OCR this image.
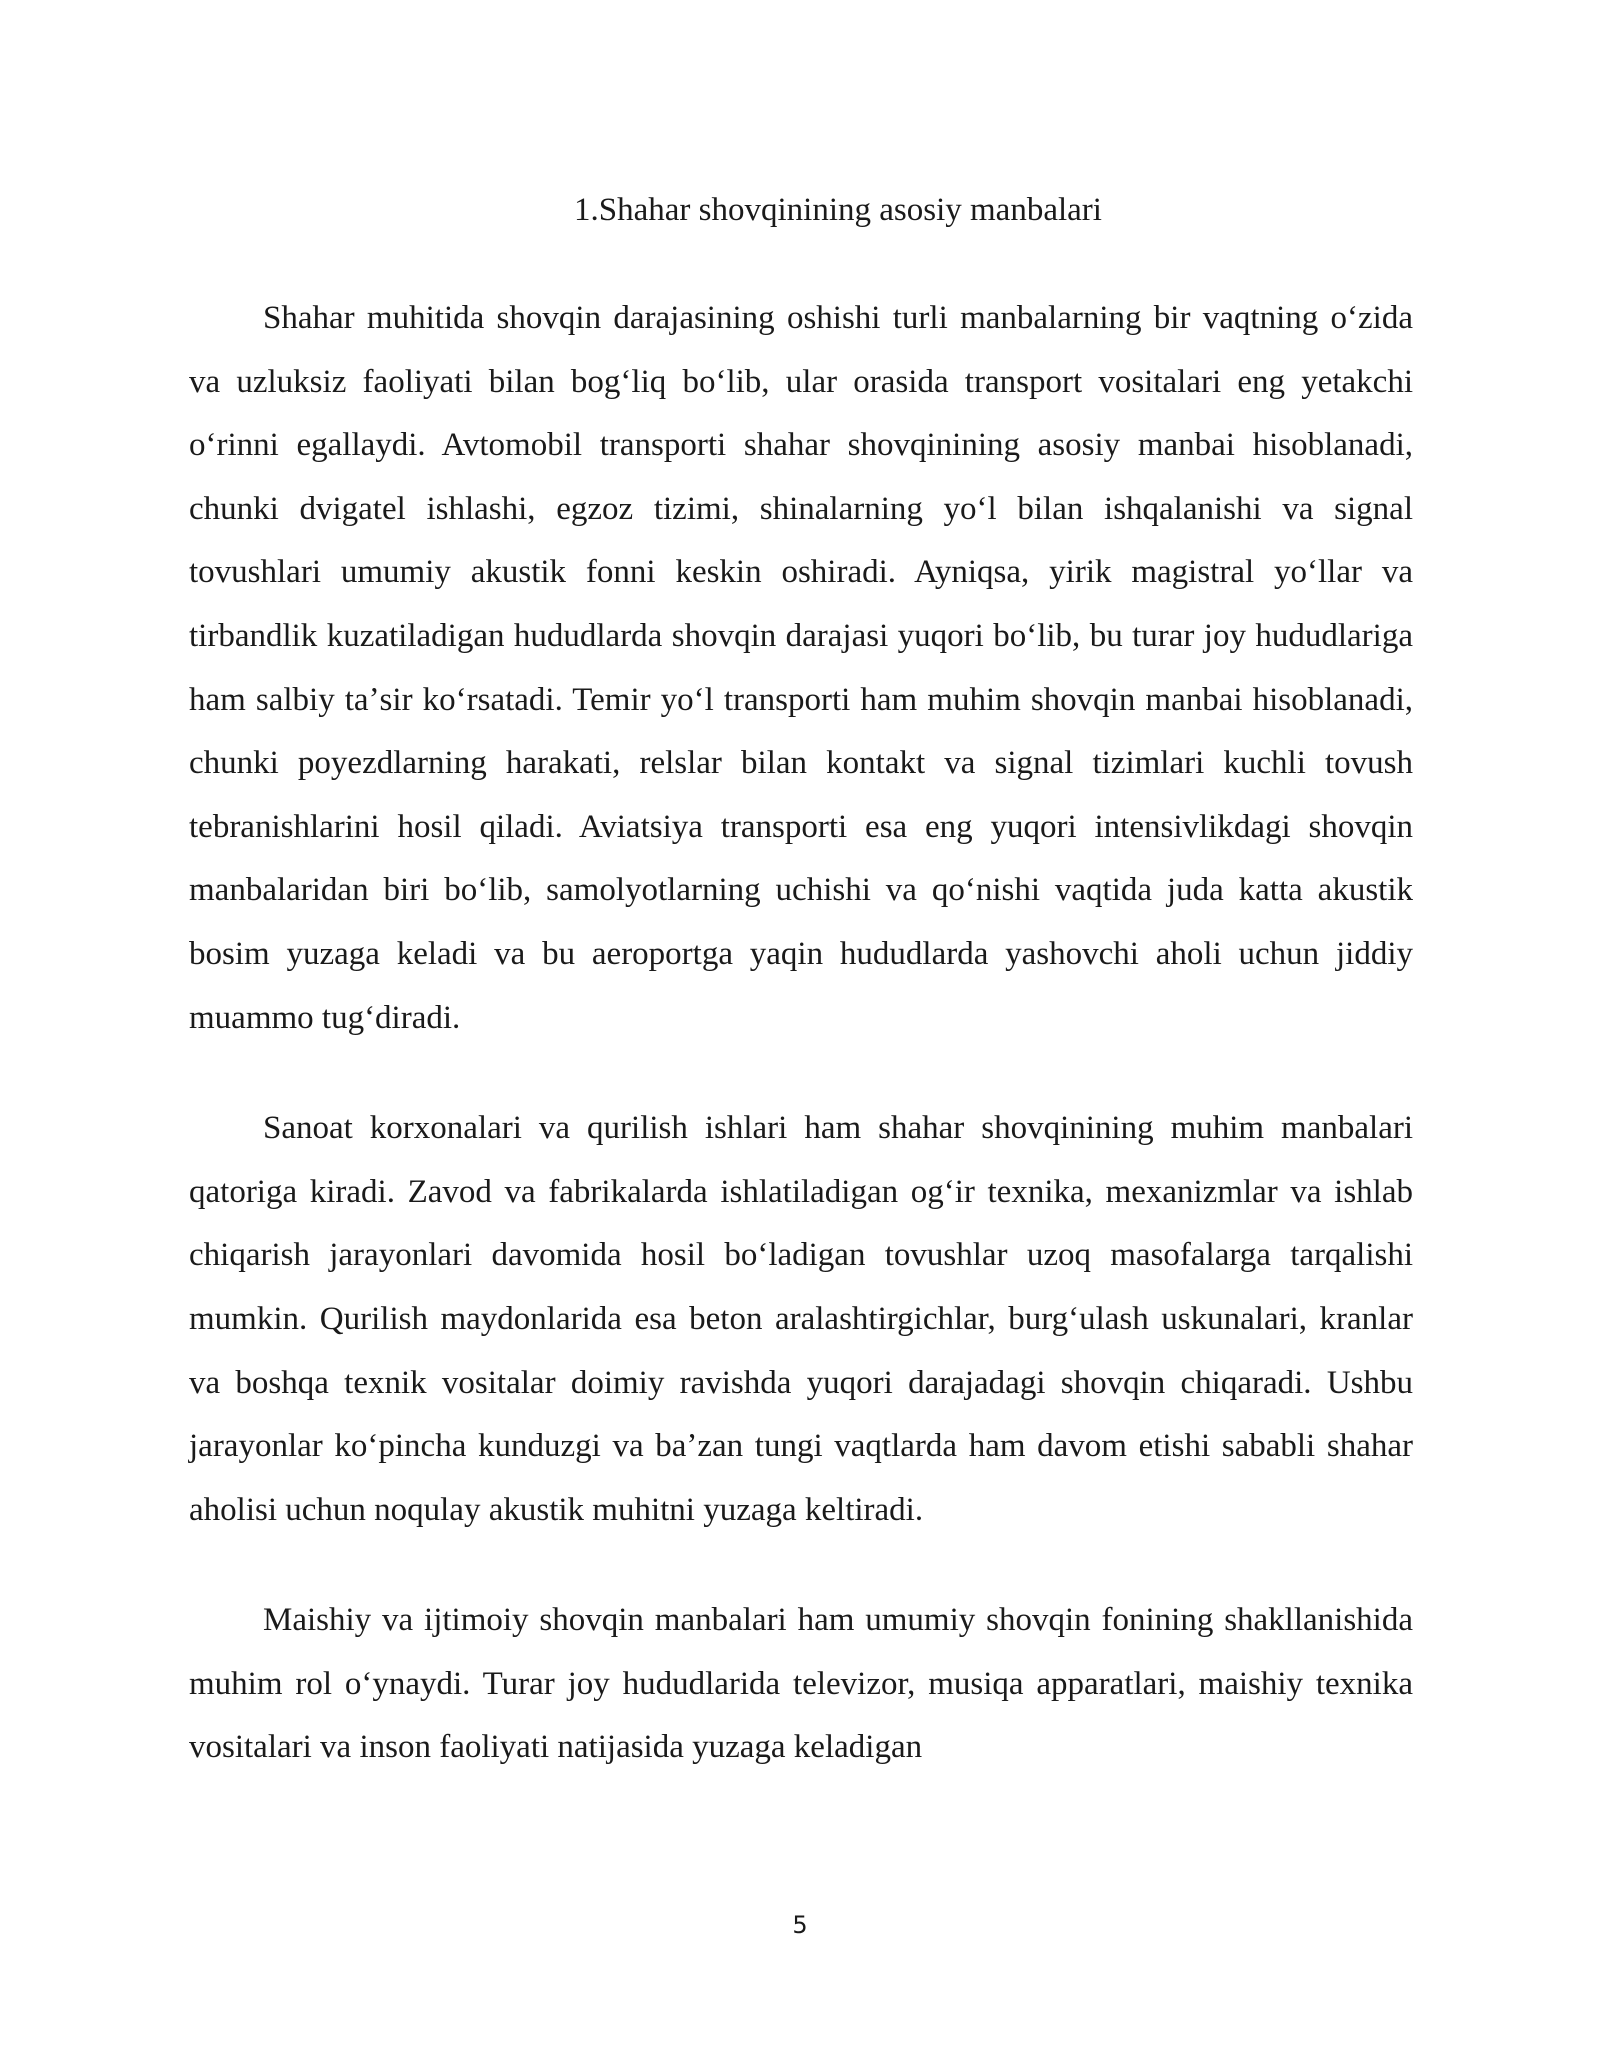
1.Shahar shovqinining asosiy manbalari

Shahar muhitida shovqin darajasining oshishi turli manbalarning bir vaqtning oʻzida va uzluksiz faoliyati bilan bogʻliq boʻlib, ular orasida transport vositalari eng yetakchi oʻrinni egallaydi. Avtomobil transporti shahar shovqinining asosiy manbai hisoblanadi, chunki dvigatel ishlashi, egzoz tizimi, shinalarning yoʻl bilan ishqalanishi va signal tovushlari umumiy akustik fonni keskin oshiradi. Ayniqsa, yirik magistral yoʻllar va tirbandlik kuzatiladigan hududlarda shovqin darajasi yuqori boʻlib, bu turar joy hududlariga ham salbiy taʼsir koʻrsatadi. Temir yoʻl transporti ham muhim shovqin manbai hisoblanadi, chunki poyezdlarning harakati, relslar bilan kontakt va signal tizimlari kuchli tovush tebranishlarini hosil qiladi. Aviatsiya transporti esa eng yuqori intensivlikdagi shovqin manbalaridan biri boʻlib, samolyotlarning uchishi va qoʻnishi vaqtida juda katta akustik bosim yuzaga keladi va bu aeroportga yaqin hududlarda yashovchi aholi uchun jiddiy muammo tugʻdiradi.

Sanoat korxonalari va qurilish ishlari ham shahar shovqinining muhim manbalari qatoriga kiradi. Zavod va fabrikalarda ishlatiladigan ogʻir texnika, mexanizmlar va ishlab chiqarish jarayonlari davomida hosil boʻladigan tovushlar uzoq masofalarga tarqalishi mumkin. Qurilish maydonlarida esa beton aralashtirgichlar, burgʻulash uskunalari, kranlar va boshqa texnik vositalar doimiy ravishda yuqori darajadagi shovqin chiqaradi. Ushbu jarayonlar koʻpincha kunduzgi va baʼzan tungi vaqtlarda ham davom etishi sababli shahar aholisi uchun noqulay akustik muhitni yuzaga keltiradi.

Maishiy va ijtimoiy shovqin manbalari ham umumiy shovqin fonining shakllanishida muhim rol oʻynaydi. Turar joy hududlarida televizor, musiqa apparatlari, maishiy texnika vositalari va inson faoliyati natijasida yuzaga keladigan

5
